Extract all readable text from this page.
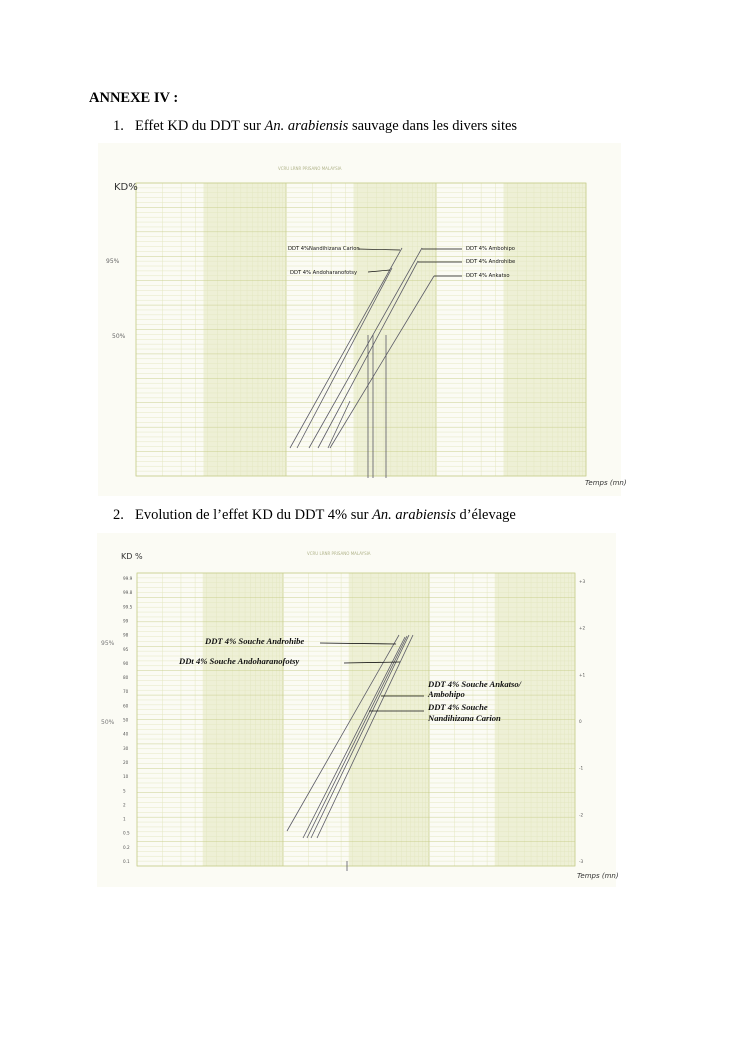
ANNEXE IV :
1. Effet KD du DDT sur An. arabiensis sauvage dans les divers sites
VCRU LRNR PRISANO MALAYSIA
KD%
95%
50%
Temps (mn)
DDT 4%Nandihizana Carion
DDT 4% Andoharanofotsy
DDT 4% Ambohipo
DDT 4% Androhibe
DDT 4% Ankatso
2. Evolution de l’effet KD du DDT 4% sur An. arabiensis d’élevage
VCRU LRNR PRISANO MALAYSIA
KD %
99.9
99.8
99.5
99
98
95
90
80
70
60
50
40
30
20
10
5
2
1
0.5
0.2
0.1
+3
+2
+1
0
-1
-2
-3
95%
50%
Temps (mn)
DDT 4% Souche Androhibe
DDt 4% Souche Andoharanofotsy
DDT 4% Souche Ankatso/
Ambohipo
DDT 4% Souche
Nandihizana Carion
